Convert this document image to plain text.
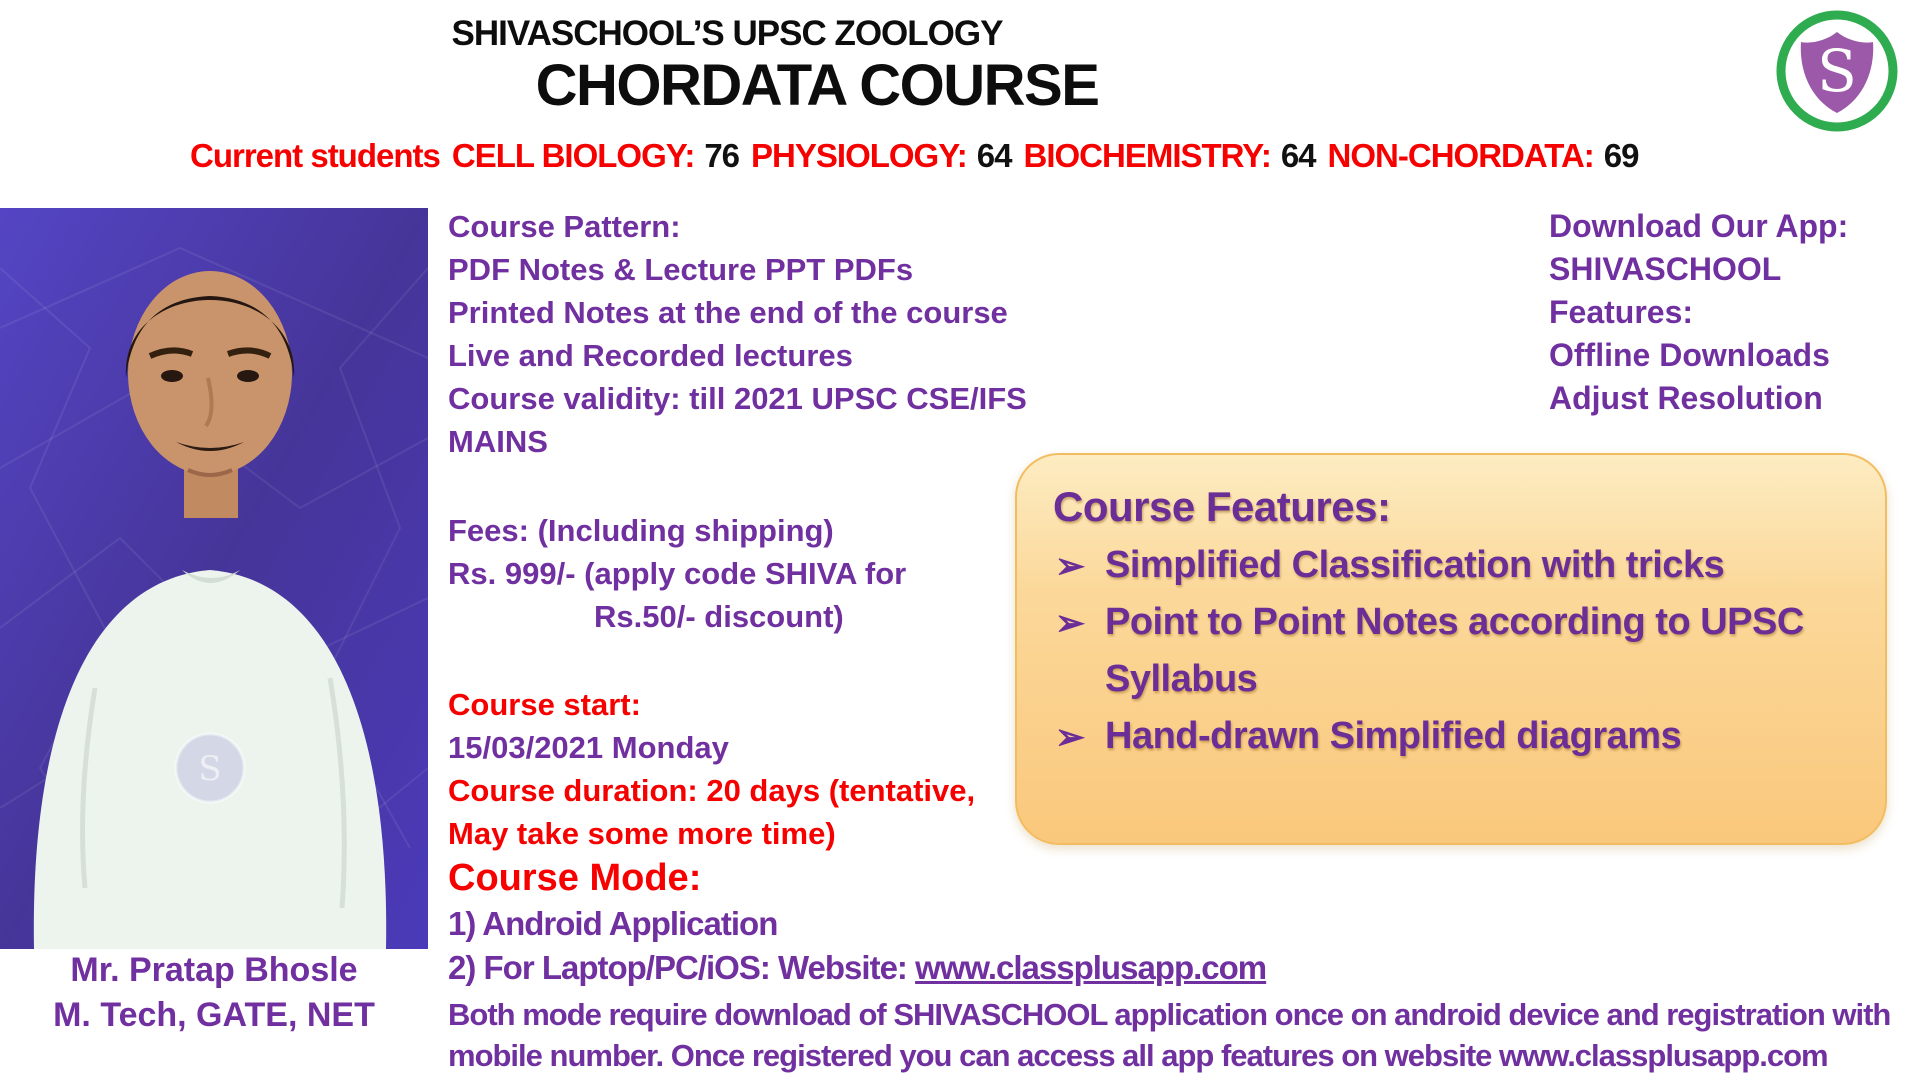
SHIVASCHOOL’S UPSC ZOOLOGY
CHORDATA COURSE
Current students CELL BIOLOGY: 76 PHYSIOLOGY: 64 BIOCHEMISTRY: 64 NON-CHORDATA: 69
S
S
Mr. Pratap Bhosle
M. Tech, GATE, NET
Course Pattern:
PDF Notes & Lecture PPT PDFs
Printed Notes at the end of the course
Live and Recorded lectures
Course validity: till 2021 UPSC CSE/IFS
MAINS
Fees: (Including shipping)
Rs. 999/- (apply code SHIVA for
Rs.50/- discount)
Course start:
15/03/2021 Monday
Course duration: 20 days (tentative,
May take some more time)
Course Mode:
1) Android Application
2) For Laptop/PC/iOS: Website: www.classplusapp.com
Both mode require download of SHIVASCHOOL application once on android device and registration with
mobile number. Once registered you can access all app features on website www.classplusapp.com
Download Our App:
SHIVASCHOOL
Features:
Offline Downloads
Adjust Resolution
Course Features:
➢ Simplified Classification with tricks
➢ Point to Point Notes according to UPSC Syllabus
➢ Hand-drawn Simplified diagrams
